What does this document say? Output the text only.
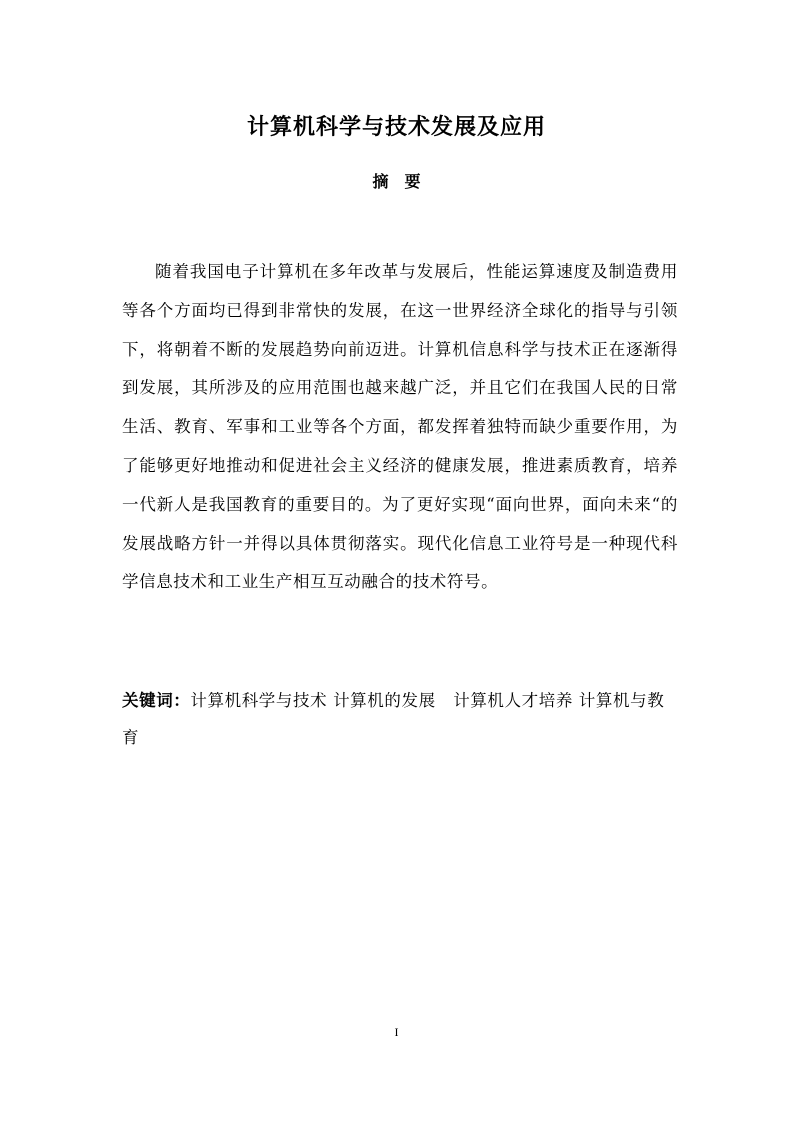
计算机科学与技术发展及应用
摘 要

随着我国电子计算机在多年改革与发展后，性能运算速度及制造费用等各个方面均已得到非常快的发展，在这一世界经济全球化的指导与引领下，将朝着不断的发展趋势向前迈进。计算机信息科学与技术正在逐渐得到发展，其所涉及的应用范围也越来越广泛，并且它们在我国人民的日常生活、教育、军事和工业等各个方面，都发挥着独特而缺少重要作用，为了能够更好地推动和促进社会主义经济的健康发展，推进素质教育，培养一代新人是我国教育的重要目的。为了更好实现“面向世界，面向未来“的发展战略方针一并得以具体贯彻落实。现代化信息工业符号是一种现代科学信息技术和工业生产相互互动融合的技术符号。

关键词：计算机科学与技术 计算机的发展 计算机人才培养 计算机与教育

I
